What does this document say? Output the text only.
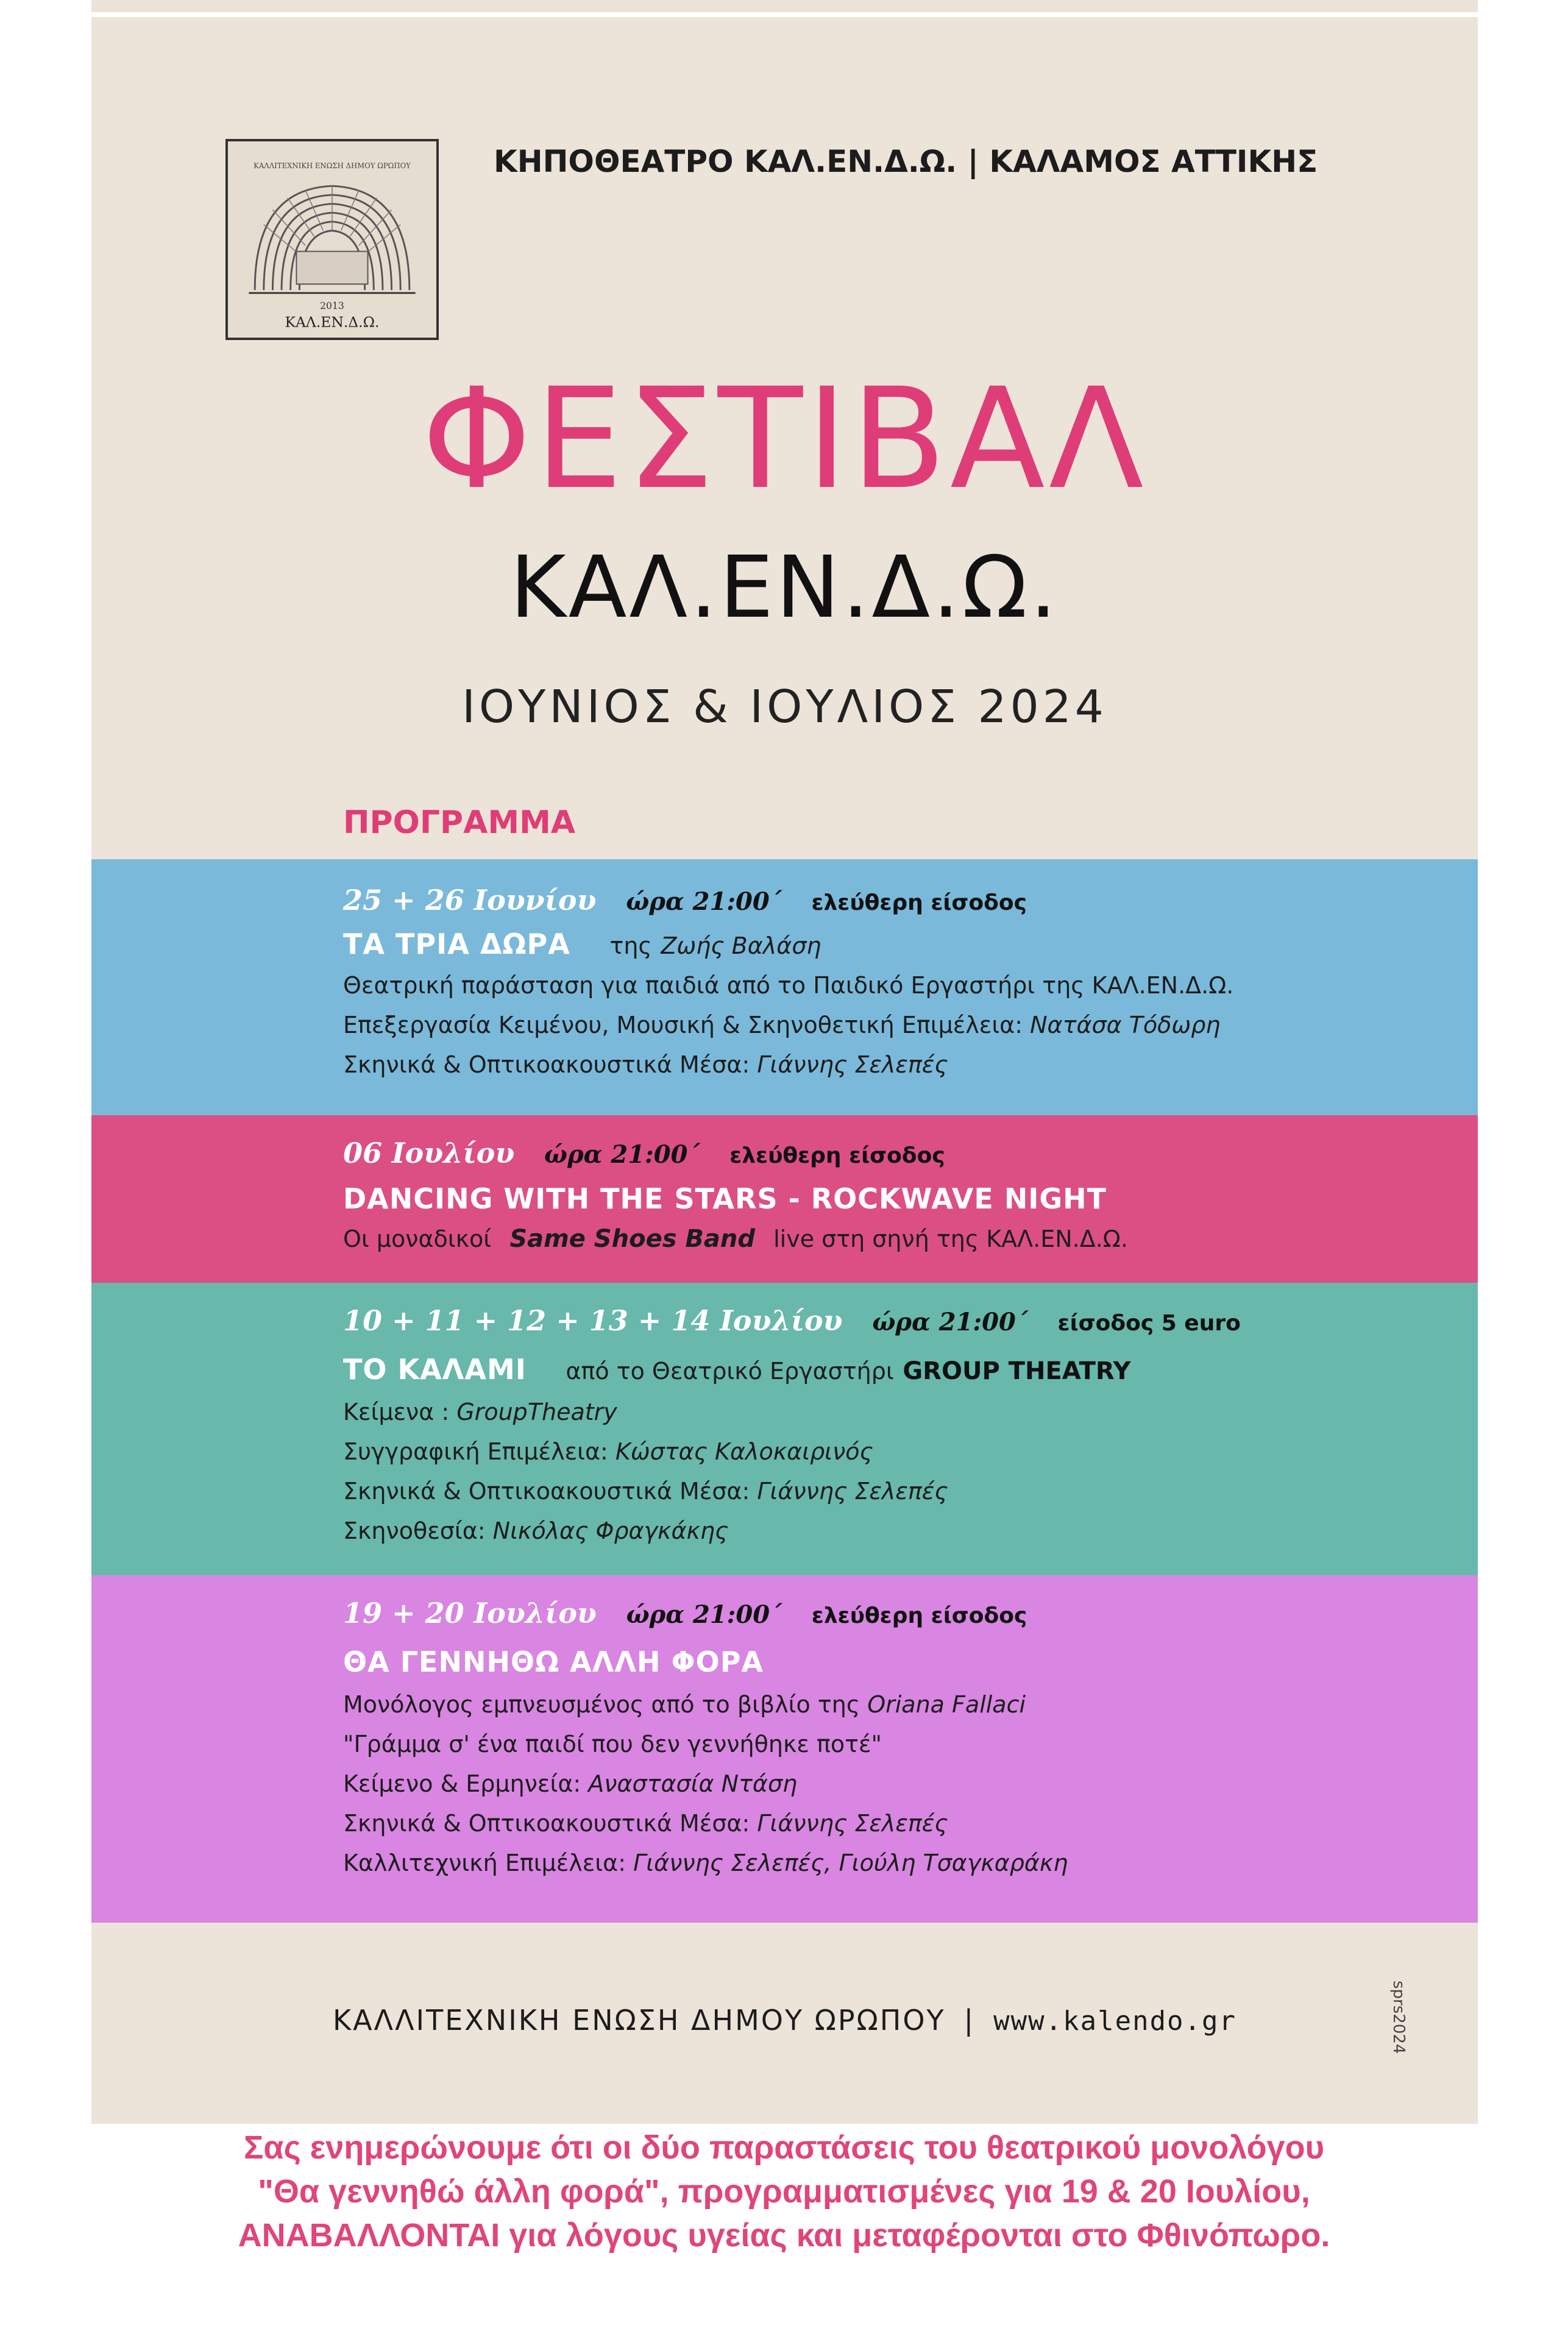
ΚΑΛΛΙΤΕΧΝΙΚΗ ΕΝΩΣΗ ΔΗΜΟΥ ΩΡΩΠΟΥ
2013
ΚΑΛ.ΕΝ.Δ.Ω.
ΚΗΠΟΘΕΑΤΡΟ ΚΑΛ.ΕΝ.Δ.Ω. | ΚΑΛΑΜΟΣ ΑΤΤΙΚΗΣ
ΦΕΣΤΙΒΑΛ
ΚΑΛ.ΕΝ.Δ.Ω.
ΙΟΥΝΙΟΣ & ΙΟΥΛΙΟΣ 2024
ΠΡΟΓΡΑΜΜΑ
25 + 26 Ιουνίου ώρα 21:00΄ ελεύθερη είσοδος
ΤΑ ΤΡΙΑ ΔΩΡΑ της Ζωής Βαλάση
Θεατρική παράσταση για παιδιά από το Παιδικό Εργαστήρι της ΚΑΛ.ΕΝ.Δ.Ω.
Επεξεργασία Κειμένου, Μουσική & Σκηνοθετική Επιμέλεια: Νατάσα Τόδωρη
Σκηνικά & Οπτικοακουστικά Μέσα: Γιάννης Σελεπές
06 Ιουλίου ώρα 21:00΄ ελεύθερη είσοδος
DANCING WITH THE STARS - ROCKWAVE NIGHT
Οι μοναδικοί Same Shoes Band live στη σηνή της ΚΑΛ.ΕΝ.Δ.Ω.
10 + 11 + 12 + 13 + 14 Ιουλίου ώρα 21:00΄ είσοδος 5 euro
ΤΟ ΚΑΛΑΜΙ από το Θεατρικό Εργαστήρι GROUP THEATRY
Κείμενα : GroupTheatry
Συγγραφική Επιμέλεια: Κώστας Καλοκαιρινός
Σκηνικά & Οπτικοακουστικά Μέσα: Γιάννης Σελεπές
Σκηνοθεσία: Νικόλας Φραγκάκης
19 + 20 Ιουλίου ώρα 21:00΄ ελεύθερη είσοδος
ΘΑ ΓΕΝΝΗΘΩ ΑΛΛΗ ΦΟΡΑ
Μονόλογος εμπνευσμένος από το βιβλίο της Oriana Fallaci
"Γράμμα σ' ένα παιδί που δεν γεννήθηκε ποτέ"
Κείμενο & Ερμηνεία: Αναστασία Ντάση
Σκηνικά & Οπτικοακουστικά Μέσα: Γιάννης Σελεπές
Καλλιτεχνική Επιμέλεια: Γιάννης Σελεπές, Γιούλη Τσαγκαράκη
ΚΑΛΛΙΤΕΧΝΙΚΗ ΕΝΩΣΗ ΔΗΜΟΥ ΩΡΩΠΟΥ | www.kalendo.gr	sprs2024
Σας ενημερώνουμε ότι οι δύο παραστάσεις του θεατρικού μονολόγου
"Θα γεννηθώ άλλη φορά", προγραμματισμένες για 19 & 20 Ιουλίου,
ΑΝΑΒΑΛΛΟΝΤΑΙ για λόγους υγείας και μεταφέρονται στο Φθινόπωρο.
